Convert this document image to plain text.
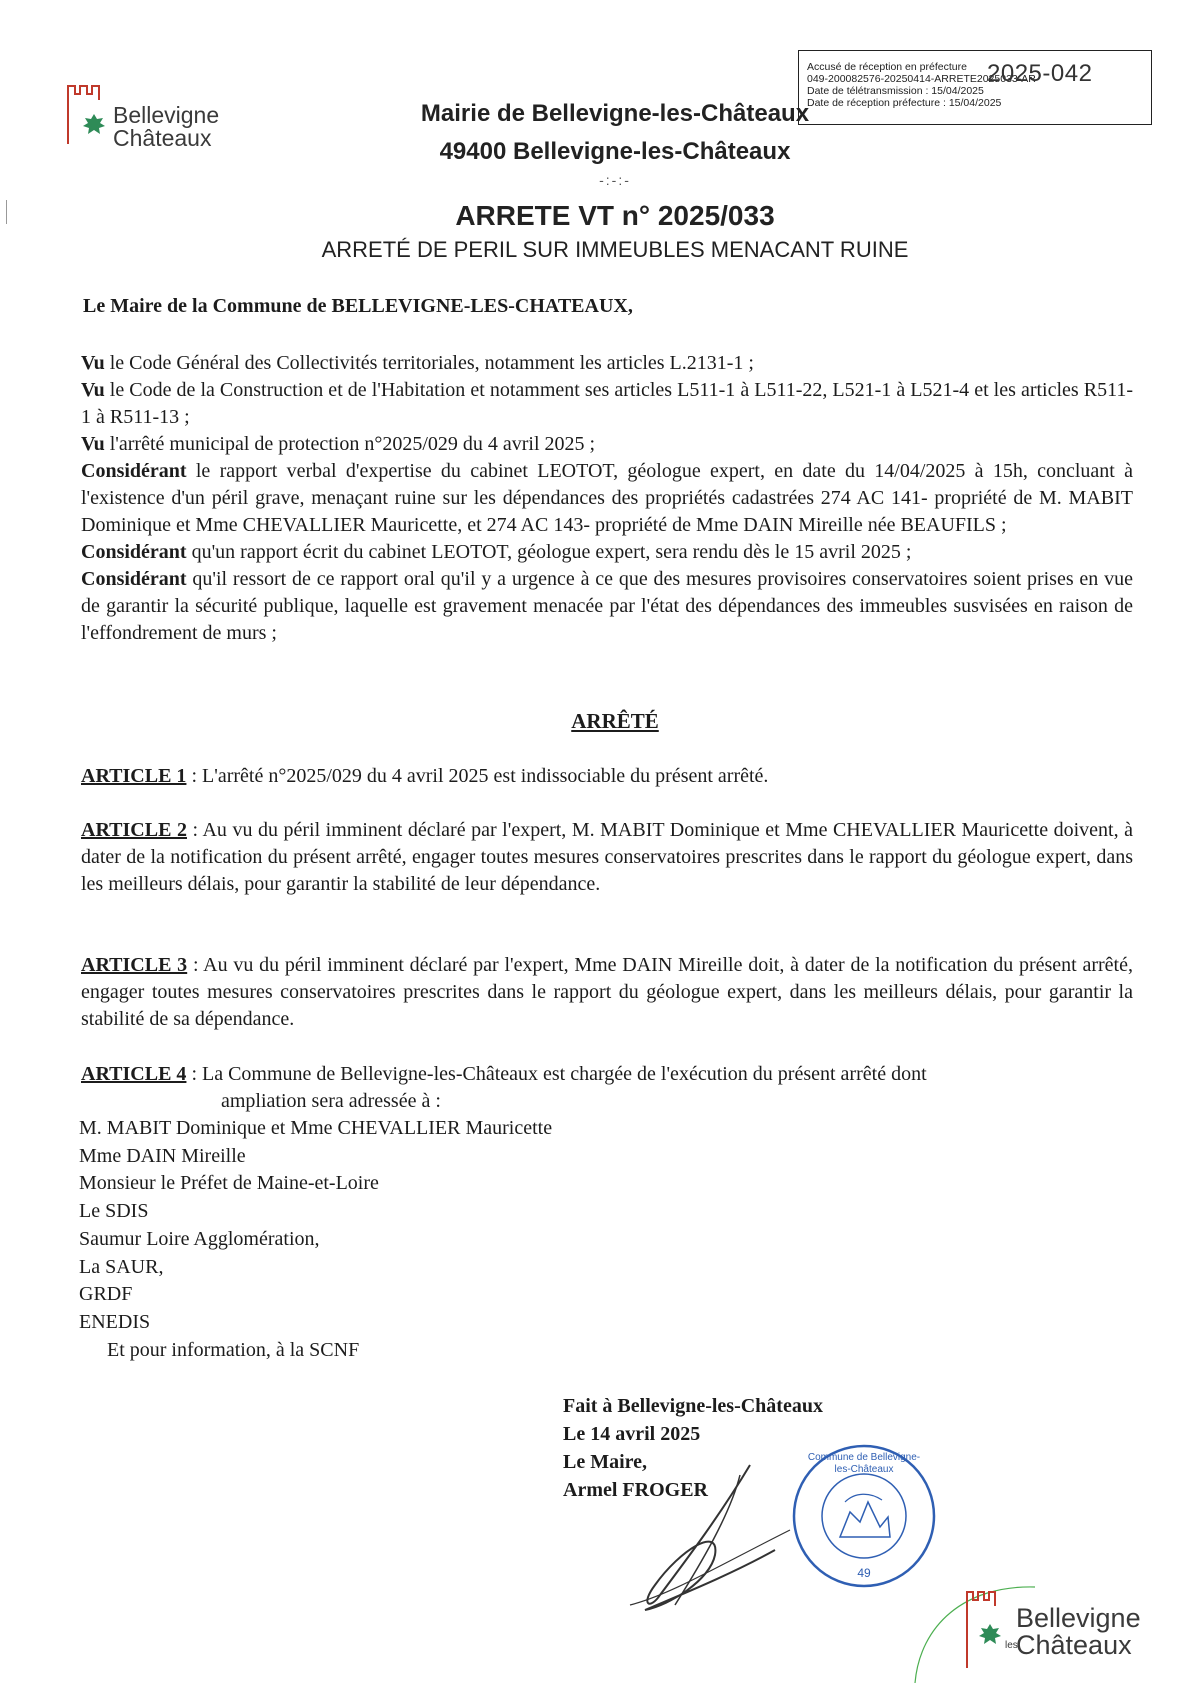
Accusé de réception en préfecture
049-200082576-20250414-ARRETE2025033-AR
Date de télétransmission : 15/04/2025
Date de réception préfecture : 15/04/2025
2025-042
Bellevigne
Châteaux
Mairie de Bellevigne-les-Châteaux
49400 Bellevigne-les-Châteaux
-:-:-
ARRETE VT n° 2025/033
ARRETÉ DE PERIL SUR IMMEUBLES MENACANT RUINE
Le Maire de la Commune de BELLEVIGNE-LES-CHATEAUX,
Vu le Code Général des Collectivités territoriales, notamment les articles L.2131-1 ;
Vu le Code de la Construction et de l'Habitation et notamment ses articles L511-1 à L511-22, L521-1 à L521-4 et les articles R511-1 à R511-13 ;
Vu l'arrêté municipal de protection n°2025/029 du 4 avril 2025 ;
Considérant le rapport verbal d'expertise du cabinet LEOTOT, géologue expert, en date du 14/04/2025 à 15h, concluant à l'existence d'un péril grave, menaçant ruine sur les dépendances des propriétés cadastrées 274 AC 141- propriété de M. MABIT Dominique et Mme CHEVALLIER Mauricette, et 274 AC 143- propriété de Mme DAIN Mireille née BEAUFILS ;
Considérant qu'un rapport écrit du cabinet LEOTOT, géologue expert, sera rendu dès le 15 avril 2025 ;
Considérant qu'il ressort de ce rapport oral qu'il y a urgence à ce que des mesures provisoires conservatoires soient prises en vue de garantir la sécurité publique, laquelle est gravement menacée par l'état des dépendances des immeubles susvisées en raison de l'effondrement de murs ;
ARRÊTÉ
ARTICLE 1 : L'arrêté n°2025/029 du 4 avril 2025 est indissociable du présent arrêté.
ARTICLE 2 : Au vu du péril imminent déclaré par l'expert, M. MABIT Dominique et Mme CHEVALLIER Mauricette doivent, à dater de la notification du présent arrêté, engager toutes mesures conservatoires prescrites dans le rapport du géologue expert, dans les meilleurs délais, pour garantir la stabilité de leur dépendance.
ARTICLE 3 : Au vu du péril imminent déclaré par l'expert, Mme DAIN Mireille doit, à dater de la notification du présent arrêté, engager toutes mesures conservatoires prescrites dans le rapport du géologue expert, dans les meilleurs délais, pour garantir la stabilité de sa dépendance.
ARTICLE 4 : La Commune de Bellevigne-les-Châteaux est chargée de l'exécution du présent arrêté dont
ampliation sera adressée à :
M. MABIT Dominique et Mme CHEVALLIER Mauricette
Mme DAIN Mireille
Monsieur le Préfet de Maine-et-Loire
Le SDIS
Saumur Loire Agglomération,
La SAUR,
GRDF
ENEDIS
Et pour information, à la SCNF
Fait à Bellevigne-les-Châteaux
Le 14 avril 2025
Le Maire,
Armel FROGER
Commune de Bellevigne-les-Châteaux
49
Bellevigne
les
Châteaux
